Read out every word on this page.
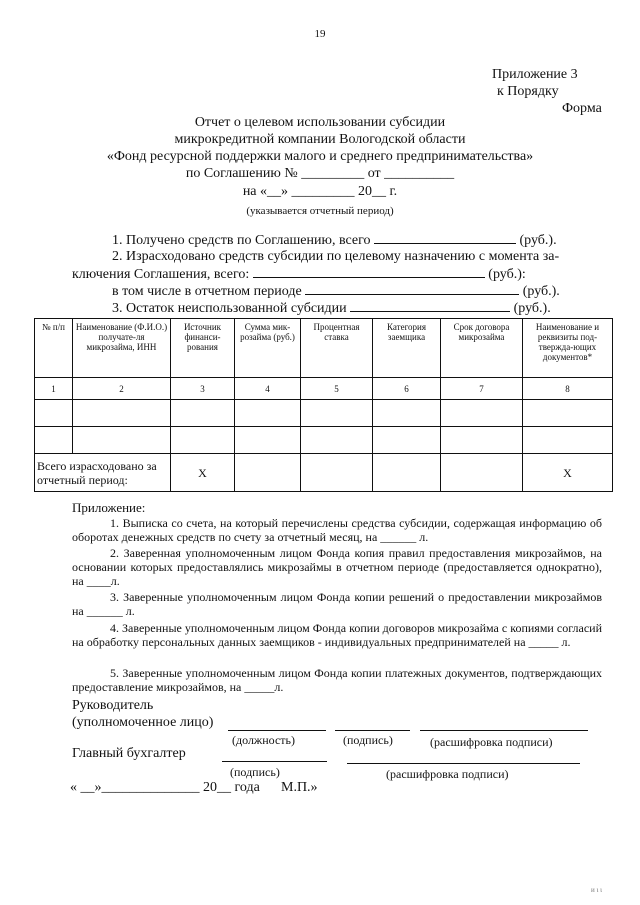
19
Приложение 3
к Порядку
Форма
Отчет о целевом использовании субсидии
микрокредитной компании Вологодской области
«Фонд ресурсной поддержки малого и среднего предпринимательства»
по Соглашению № _________ от __________
на «__» _________ 20__ г.
(указывается отчетный период)
1. Получено средств по Соглашению, всего	(руб.).
2. Израсходовано средств субсидии по целевому назначению с момента за-
ключения Соглашения, всего:	(руб.):
в том числе в отчетном периоде	(руб.).
3. Остаток неиспользованной субсидии	(руб.).
№ п/п	Наименование (Ф.И.О.) получате-ля микрозайма, ИНН	Источник финанси-рования	Сумма мик-розайма (руб.)	Процентная ставка	Категория заемщика	Срок договора микрозайма	Наименование и реквизиты под-тверждa-ющих документов*
1	2	3	4	5	6	7	8

Всего израсходовано за отчетный период:		X					X
Приложение:
1. Выписка со счета, на который перечислены средства субсидии, содержащая информацию об оборотах денежных средств по счету за отчетный месяц, на ______ л.
2. Заверенная уполномоченным лицом Фонда копия правил предоставления микрозаймов, на основании которых предоставлялись микрозаймы в отчетном периоде (предоставляется однократно), на ____л.
3. Заверенные уполномоченным лицом Фонда копии решений о предоставлении микрозаймов на ______ л.
4. Заверенные уполномоченным лицом Фонда копии договоров микрозайма с копиями согласий на обработку персональных данных заемщиков - индивидуальных предпринимателей на _____ л.
5. Заверенные уполномоченным лицом Фонда копии платежных документов, подтверждающих предоставление микрозаймов, на _____л.
Руководитель
(уполномоченное лицо)
(должность)	(подпись)	(расшифровка подписи)
Главный бухгалтер
(подпись)	(расшифровка подписи)
« __»______________ 20__ года М.П.»
и ι ι
